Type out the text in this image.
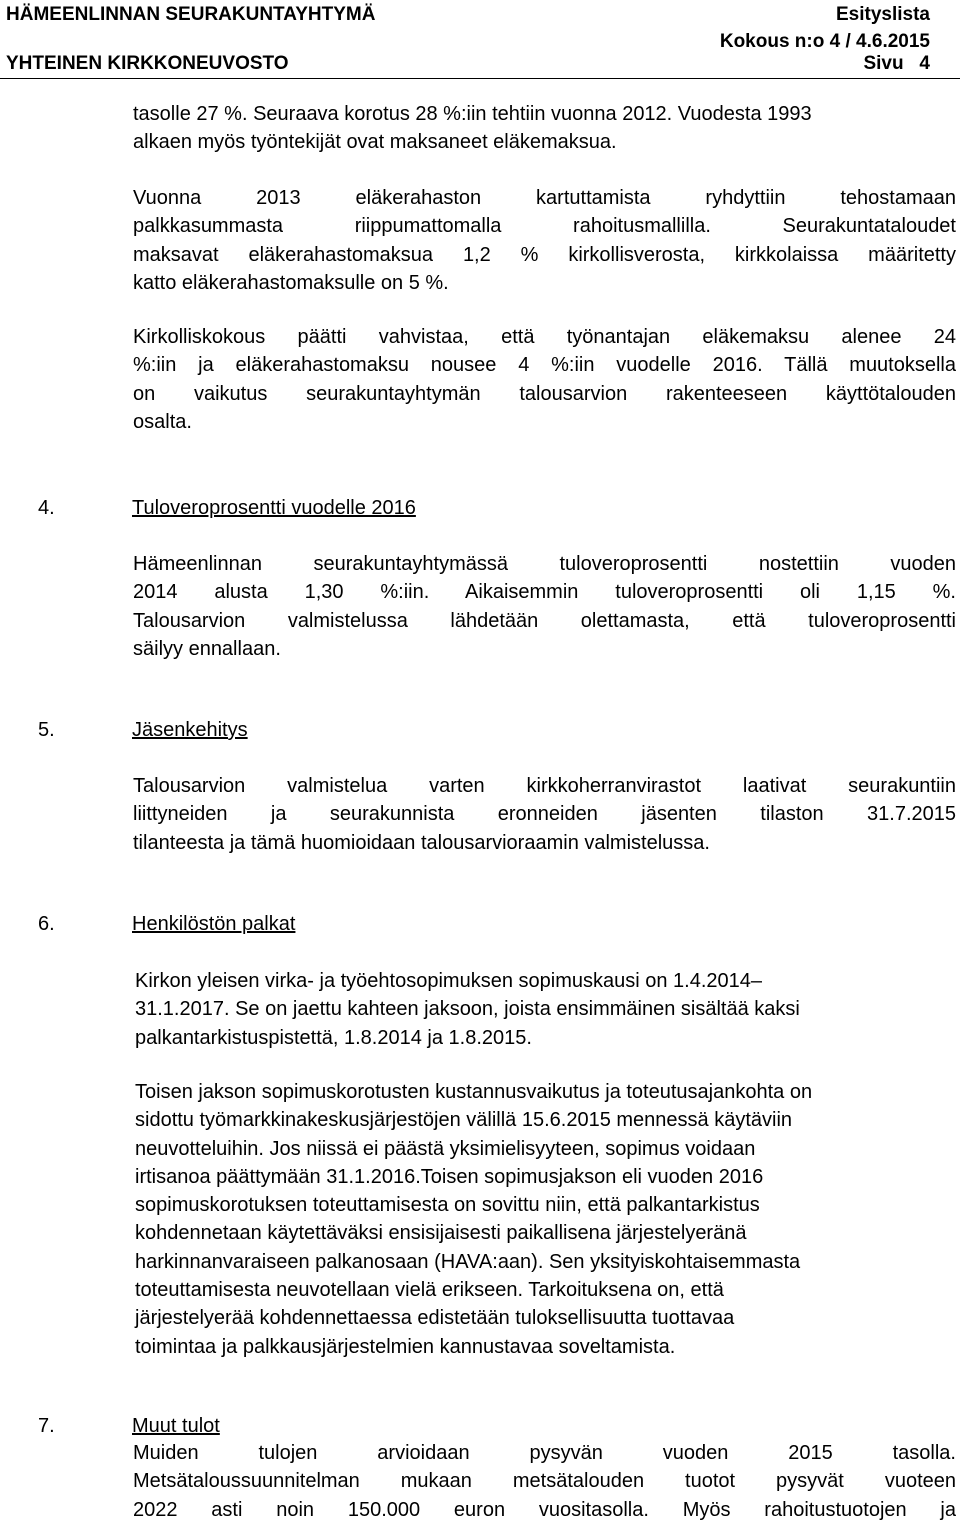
HÄMEENLINNAN SEURAKUNTAYHTYMÄ	Esityslista
Kokous n:o 4 / 4.6.2015
YHTEINEN KIRKKONEUVOSTO	Sivu   4
tasolle 27 %. Seuraava korotus 28 %:iin tehtiin vuonna 2012. Vuodesta 1993
alkaen myös työntekijät ovat maksaneet eläkemaksua.
Vuonna 2013 eläkerahaston kartuttamista ryhdyttiin tehostamaan
palkkasummasta riippumattomalla rahoitusmallilla. Seurakuntataloudet
maksavat eläkerahastomaksua 1,2 % kirkollisverosta, kirkkolaissa määritetty
katto eläkerahastomaksulle on 5 %.
Kirkolliskokous päätti vahvistaa, että työnantajan eläkemaksu alenee 24
%:iin ja eläkerahastomaksu nousee 4 %:iin vuodelle 2016. Tällä muutoksella
on vaikutus seurakuntayhtymän talousarvion rakenteeseen käyttötalouden
osalta.
4.	Tuloveroprosentti vuodelle 2016
Hämeenlinnan seurakuntayhtymässä tuloveroprosentti nostettiin vuoden
2014 alusta 1,30 %:iin. Aikaisemmin tuloveroprosentti oli 1,15 %.
Talousarvion valmistelussa lähdetään olettamasta, että tuloveroprosentti
säilyy ennallaan.
5.	Jäsenkehitys
Talousarvion valmistelua varten kirkkoherranvirastot laativat seurakuntiin
liittyneiden ja seurakunnista eronneiden jäsenten tilaston 31.7.2015
tilanteesta ja tämä huomioidaan talousarvioraamin valmistelussa.
6.	Henkilöstön palkat
Kirkon yleisen virka- ja työehtosopimuksen sopimuskausi on 1.4.2014–
31.1.2017. Se on jaettu kahteen jaksoon, joista ensimmäinen sisältää kaksi
palkantarkistuspistettä, 1.8.2014 ja 1.8.2015.
Toisen jakson sopimuskorotusten kustannusvaikutus ja toteutusajankohta on
sidottu työmarkkinakeskusjärjestöjen välillä 15.6.2015 mennessä käytäviin
neuvotteluihin. Jos niissä ei päästä yksimielisyyteen, sopimus voidaan
irtisanoa päättymään 31.1.2016.Toisen sopimusjakson eli vuoden 2016
sopimuskorotuksen toteuttamisesta on sovittu niin, että palkantarkistus
kohdennetaan käytettäväksi ensisijaisesti paikallisena järjestelyeränä
harkinnanvaraiseen palkanosaan (HAVA:aan). Sen yksityiskohtaisemmasta
toteuttamisesta neuvotellaan vielä erikseen. Tarkoituksena on, että
järjestelyerää kohdennettaessa edistetään tuloksellisuutta tuottavaa
toimintaa ja palkkausjärjestelmien kannustavaa soveltamista.
7.	Muut tulot
Muiden tulojen arvioidaan pysyvän vuoden 2015 tasolla.
Metsätaloussuunnitelman mukaan metsätalouden tuotot pysyvät vuoteen
2022 asti noin 150.000 euron vuositasolla. Myös rahoitustuotojen ja
